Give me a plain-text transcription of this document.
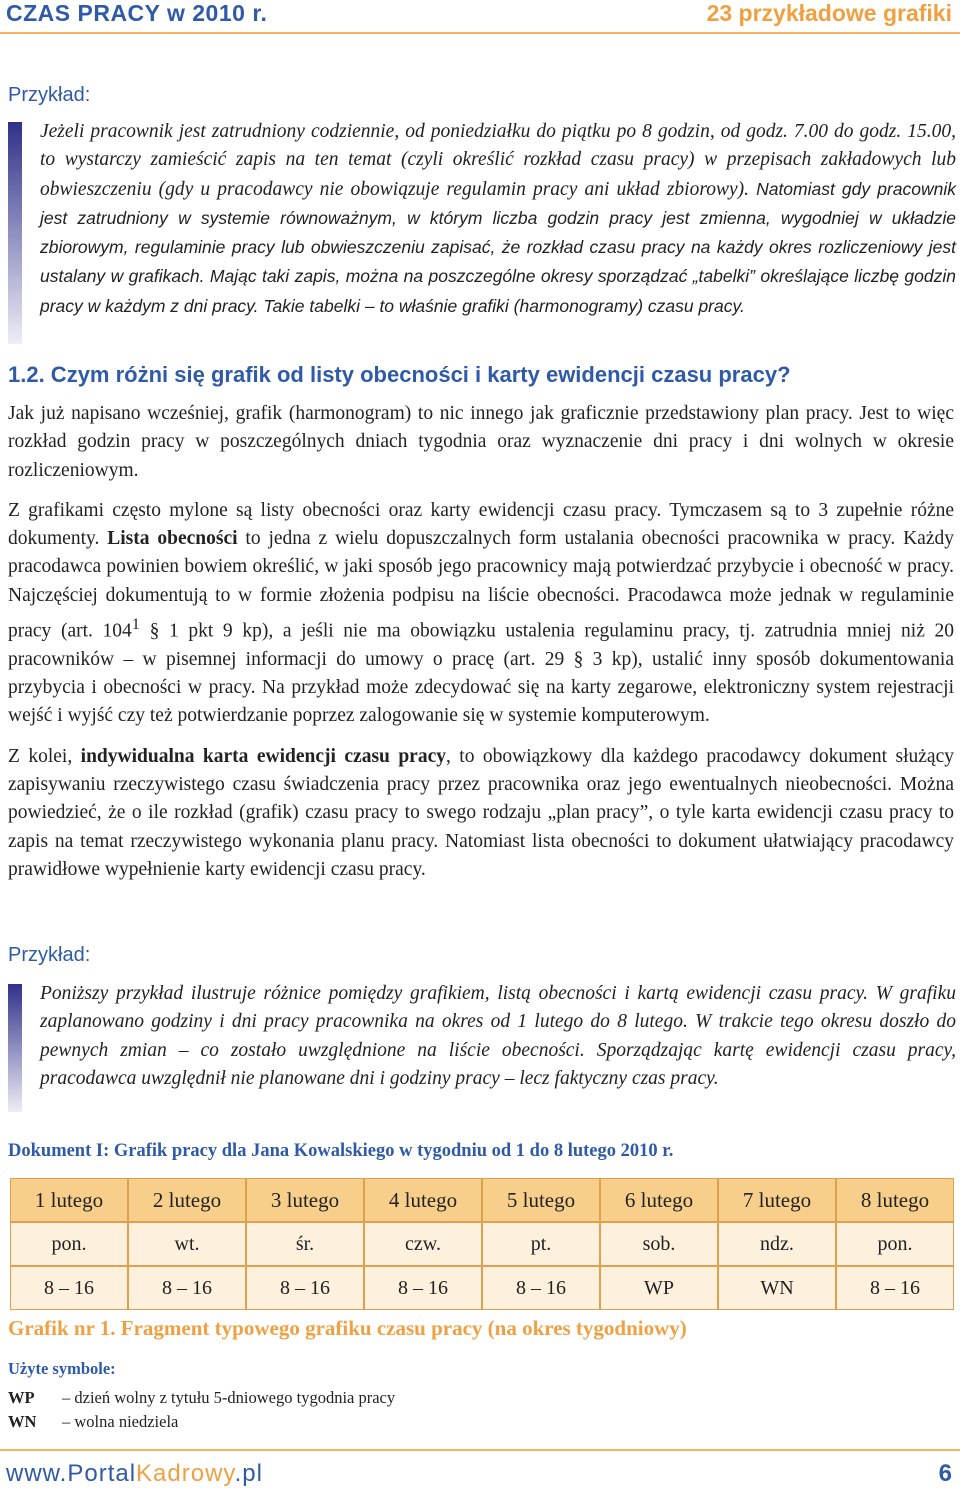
CZAS PRACY w 2010 r.	23 przykładowe grafiki
Przykład:
Jeżeli pracownik jest zatrudniony codziennie, od poniedziałku do piątku po 8 godzin, od godz. 7.00 do godz. 15.00, to wystarczy zamieścić zapis na ten temat (czyli określić rozkład czasu pracy) w przepisach zakładowych lub obwieszczeniu (gdy u pracodawcy nie obowiązuje regulamin pracy ani układ zbiorowy). Natomiast gdy pracownik jest zatrudniony w systemie równoważnym, w którym liczba godzin pracy jest zmienna, wygodniej w układzie zbiorowym, regulaminie pracy lub obwieszczeniu zapisać, że rozkład czasu pracy na każdy okres rozliczeniowy jest ustalany w grafikach. Mając taki zapis, można na poszczególne okresy sporządzać „tabelki” określające liczbę godzin pracy w każdym z dni pracy. Takie tabelki – to właśnie grafiki (harmonogramy) czasu pracy.
1.2. Czym różni się grafik od listy obecności i karty ewidencji czasu pracy?

Jak już napisano wcześniej, grafik (harmonogram) to nic innego jak graficznie przedstawiony plan pracy. Jest to więc rozkład godzin pracy w poszczególnych dniach tygodnia oraz wyznaczenie dni pracy i dni wolnych w okresie rozliczeniowym.

Z grafikami często mylone są listy obecności oraz karty ewidencji czasu pracy. Tymczasem są to 3 zupełnie różne dokumenty. Lista obecności to jedna z wielu dopuszczalnych form ustalania obecności pracownika w pracy. Każdy pracodawca powinien bowiem określić, w jaki sposób jego pracownicy mają potwierdzać przybycie i obecność w pracy. Najczęściej dokumentują to w formie złożenia podpisu na liście obecności. Pracodawca może jednak w regulaminie pracy (art. $104^1$ § 1 pkt 9 kp), a jeśli nie ma obowiązku ustalenia regulaminu pracy, tj. zatrudnia mniej niż 20 pracowników – w pisemnej informacji do umowy o pracę (art. 29 § 3 kp), ustalić inny sposób dokumentowania przybycia i obecności w pracy. Na przykład może zdecydować się na karty zegarowe, elektroniczny system rejestracji wejść i wyjść czy też potwierdzanie poprzez zalogowanie się w systemie komputerowym.

Z kolei, indywidualna karta ewidencji czasu pracy, to obowiązkowy dla każdego pracodawcy dokument służący zapisywaniu rzeczywistego czasu świadczenia pracy przez pracownika oraz jego ewentualnych nieobecności. Można powiedzieć, że o ile rozkład (grafik) czasu pracy to swego rodzaju „plan pracy”, o tyle karta ewidencji czasu pracy to zapis na temat rzeczywistego wykonania planu pracy. Natomiast lista obecności to dokument ułatwiający pracodawcy prawidłowe wypełnienie karty ewidencji czasu pracy.

Przykład:
Poniższy przykład ilustruje różnice pomiędzy grafikiem, listą obecności i kartą ewidencji czasu pracy. W grafiku zaplanowano godziny i dni pracy pracownika na okres od 1 lutego do 8 lutego. W trakcie tego okresu doszło do pewnych zmian – co zostało uwzględnione na liście obecności. Sporządzając kartę ewidencji czasu pracy, pracodawca uwzględnił nie planowane dni i godziny pracy – lecz faktyczny czas pracy.
Dokument I: Grafik pracy dla Jana Kowalskiego w tygodniu od 1 do 8 lutego 2010 r.
1 lutego	2 lutego	3 lutego	4 lutego	5 lutego	6 lutego	7 lutego	8 lutego
pon.	wt.	śr.	czw.	pt.	sob.	ndz.	pon.
8 – 16	8 – 16	8 – 16	8 – 16	8 – 16	WP	WN	8 – 16
Grafik nr 1. Fragment typowego grafiku czasu pracy (na okres tygodniowy)
Użyte symbole:
WP – dzień wolny z tytułu 5-dniowego tygodnia pracy
WN – wolna niedziela
www.PortalKadrowy.pl	6
